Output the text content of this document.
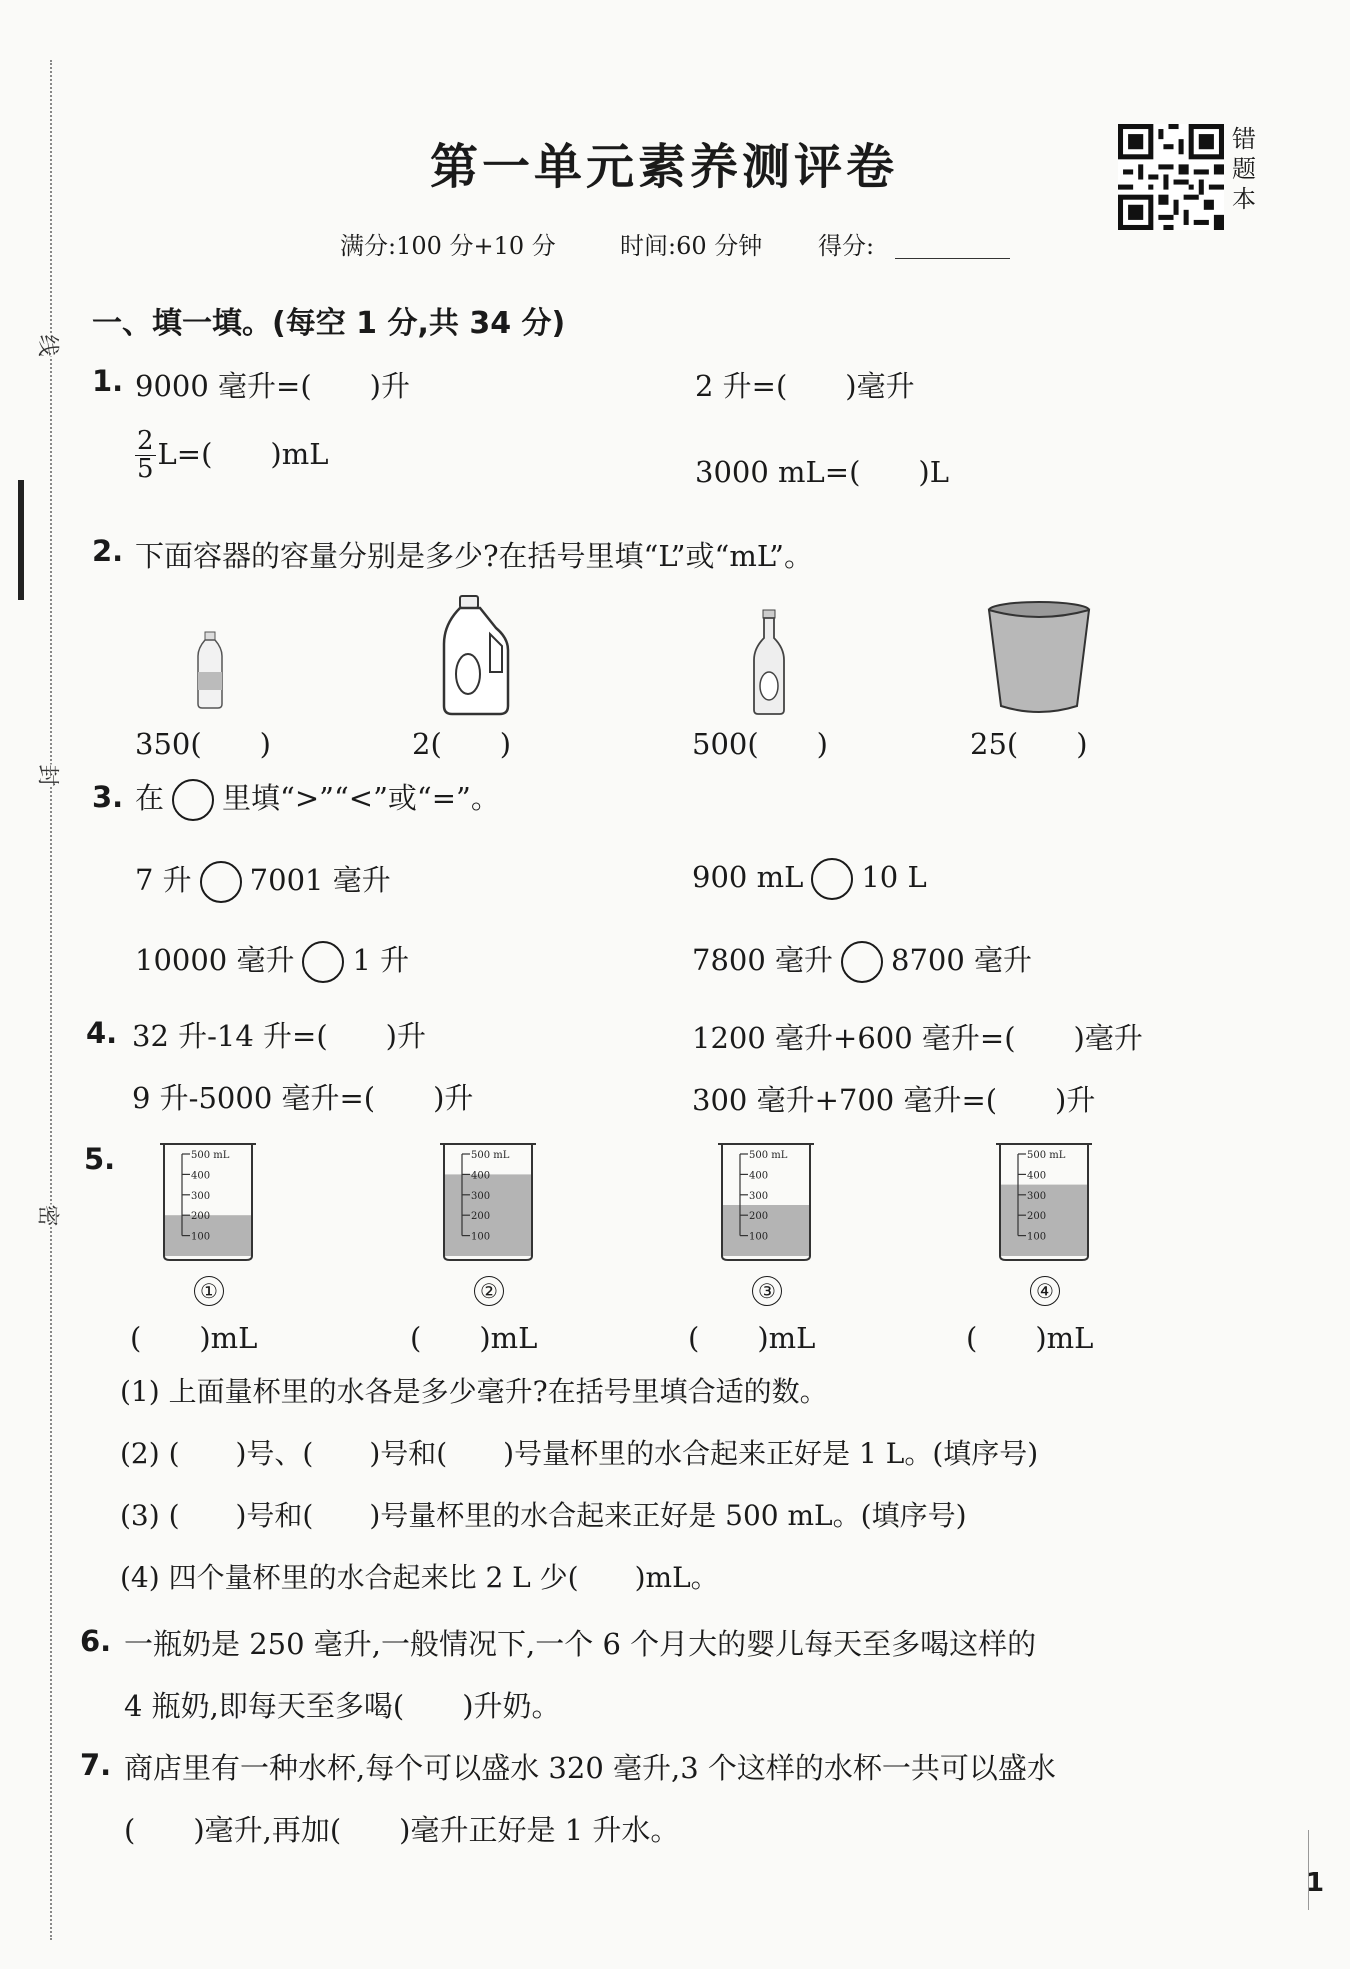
线
封
密
第一单元素养测评卷	错题本
满分:100 分+10 分	时间:60 分钟 得分:
一、填一填。(每空 1 分,共 34 分)
1. 9000 毫升=(　　)升	2 升=(　　)毫升
$\frac{2}{5} L=$(　　)mL
3000 mL=(　　)L
2. 下面容器的容量分别是多少?在括号里填“L”或“mL”。
350(　　)	2(　　)	500(　　)	25(　　)
3. 在 里填“>”“<”或“=”。
7 升 7001 毫升	900 mL 10 L
10000 毫升 1 升	7800 毫升 8700 毫升
4. 32 升-14 升=(　　)升	1200 毫升+600 毫升=(　　)毫升
9 升-5000 毫升=(　　)升	300 毫升+700 毫升=(　　)升
5.	500 mL
400
300
200
100
①
(　　)mL
500 mL
400
300
200
100
②
(　　)mL
500 mL
400
300
200
100
③
(　　)mL
500 mL
400
300
200
100
④
(　　)mL
(1) 上面量杯里的水各是多少毫升?在括号里填合适的数。
(2) (　　)号、(　　)号和(　　)号量杯里的水合起来正好是 1 L。(填序号)
(3) (　　)号和(　　)号量杯里的水合起来正好是 500 mL。(填序号)
(4) 四个量杯里的水合起来比 2 L 少(　　)mL。
6. 一瓶奶是 250 毫升,一般情况下,一个 6 个月大的婴儿每天至多喝这样的
4 瓶奶,即每天至多喝(　　)升奶。
7. 商店里有一种水杯,每个可以盛水 320 毫升,3 个这样的水杯一共可以盛水
(　　)毫升,再加(　　)毫升正好是 1 升水。
1
